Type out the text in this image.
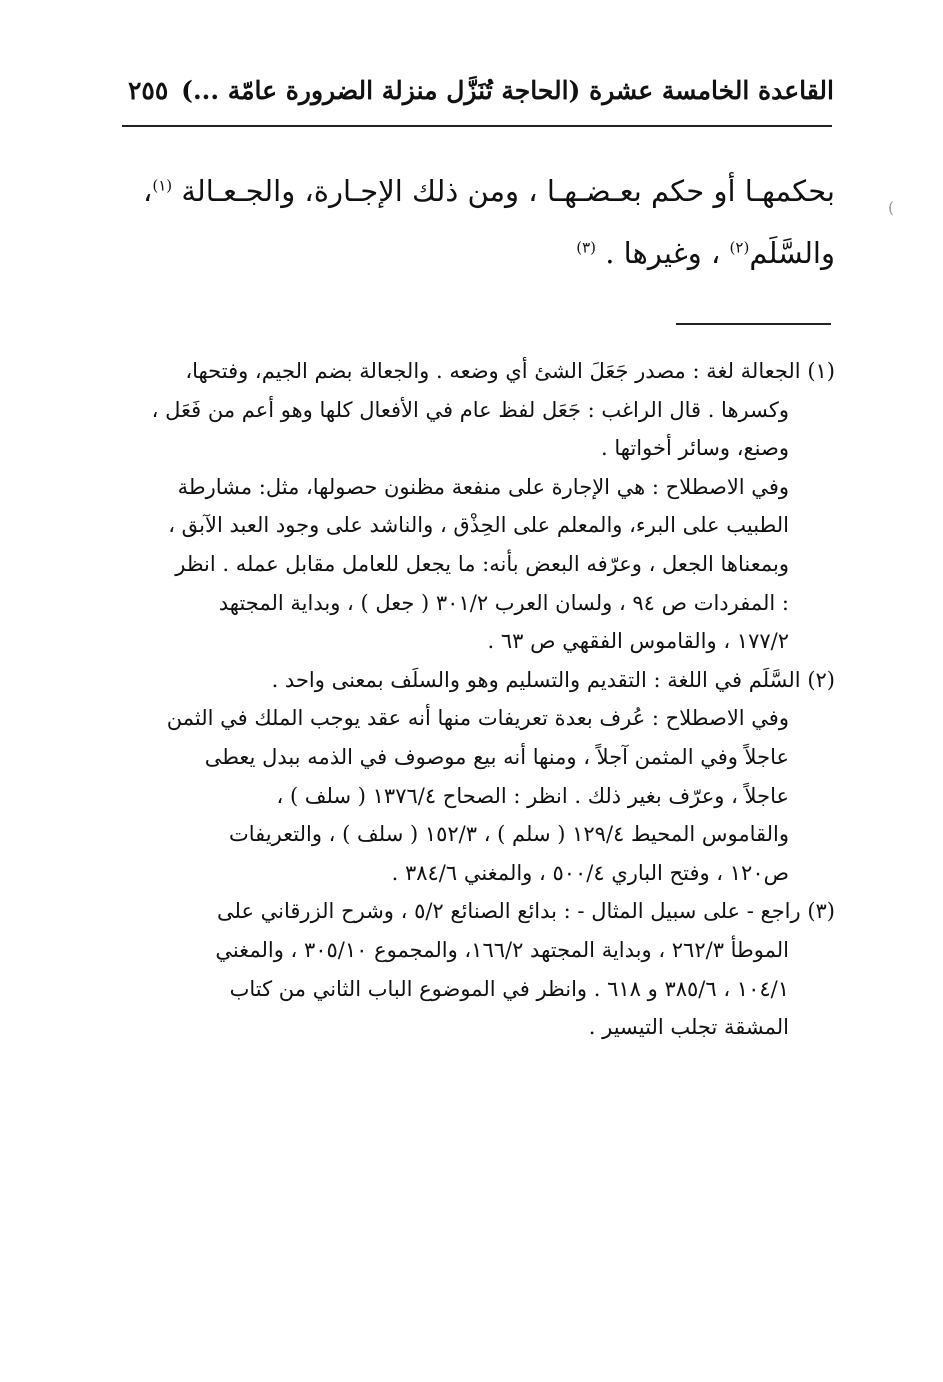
القاعدة الخامسة عشرة (الحاجة تُنَزَّل منزلة الضرورة عامّة ...)
٢٥٥
(
بحكمهـا أو حكم بعـضـهـا ، ومن ذلك الإجـارة، والجـعـالة $^{(١)}$،
والسَّلَم$^{(٢)}$ ، وغيرها . $^{(٣)}$
(١) الجعالة لغة : مصدر جَعَلَ الشئ أي وضعه . والجعالة بضم الجيم، وفتحها،
وكسرها . قال الراغب : جَعَل لفظ عام في الأفعال كلها وهو أعم من فَعَل ،
وصنع، وسائر أخواتها .
وفي الاصطلاح : هي الإجارة على منفعة مظنون حصولها، مثل: مشارطة
الطبيب على البرء، والمعلم على الحِذْق ، والناشد على وجود العبد الآبق ،
وبمعناها الجعل ، وعرّفه البعض بأنه: ما يجعل للعامل مقابل عمله . انظر
: المفردات ص ٩٤ ، ولسان العرب ٣٠١/٢ ( جعل ) ، وبداية المجتهد
١٧٧/٢ ، والقاموس الفقهي ص ٦٣ .
(٢) السَّلَم في اللغة : التقديم والتسليم وهو والسلَف بمعنى واحد .
وفي الاصطلاح : عُرف بعدة تعريفات منها أنه عقد يوجب الملك في الثمن
عاجلاً وفي المثمن آجلاً ، ومنها أنه بيع موصوف في الذمه ببدل يعطى
عاجلاً ، وعرّف بغير ذلك . انظر : الصحاح ١٣٧٦/٤ ( سلف ) ،
والقاموس المحيط ١٢٩/٤ ( سلم ) ، ١٥٢/٣ ( سلف ) ، والتعريفات
ص١٢٠ ، وفتح الباري ٥٠٠/٤ ، والمغني ٣٨٤/٦ .
(٣) راجع - على سبيل المثال - : بدائع الصنائع ٥/٢ ، وشرح الزرقاني على
الموطأ ٢٦٢/٣ ، وبداية المجتهد ١٦٦/٢، والمجموع ٣٠٥/١٠ ، والمغني
١٠٤/١ ، ٣٨٥/٦ و ٦١٨ . وانظر في الموضوع الباب الثاني من كتاب
المشقة تجلب التيسير .
